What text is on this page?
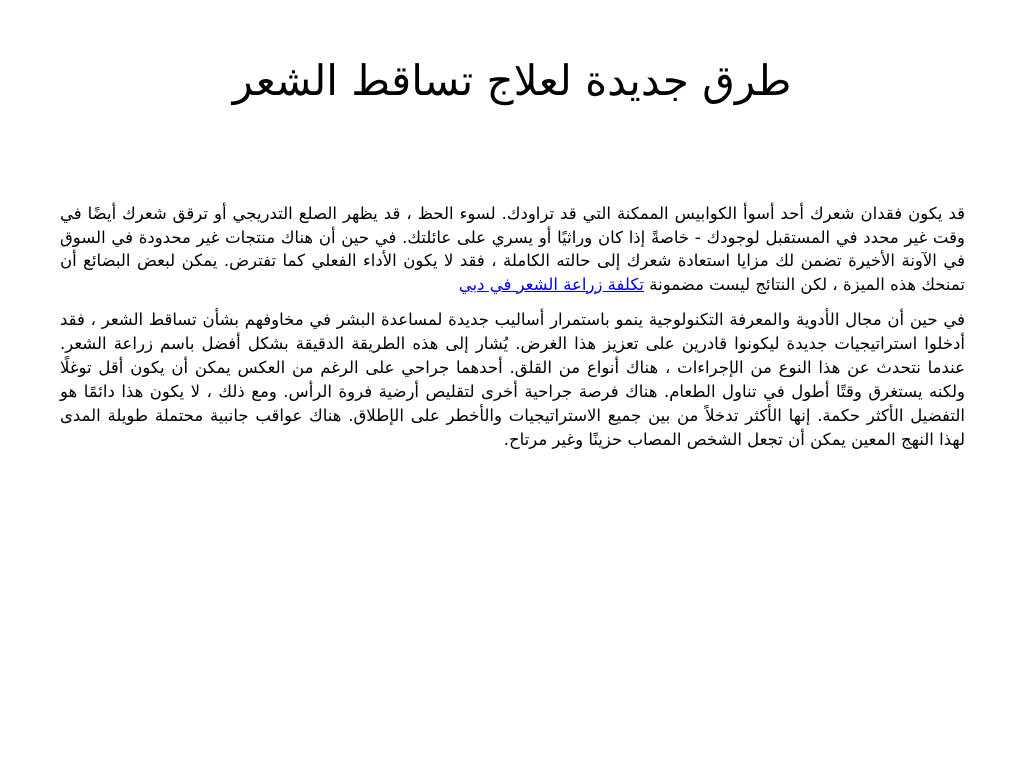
طرق جديدة لعلاج تساقط الشعر

قد يكون فقدان شعرك أحد أسوأ الكوابيس الممكنة التي قد تراودك. لسوء الحظ ، قد يظهر الصلع التدريجي أو ترقق شعرك أيضًا في وقت غير محدد في المستقبل لوجودك - خاصةً إذا كان وراثيًا أو يسري على عائلتك. في حين أن هناك منتجات غير محدودة في السوق في الآونة الأخيرة تضمن لك مزايا استعادة شعرك إلى حالته الكاملة ، فقد لا يكون الأداء الفعلي كما تفترض. يمكن لبعض البضائع أن تمنحك هذه الميزة ، لكن النتائج ليست مضمونة تكلفة زراعة الشعر في دبي

في حين أن مجال الأدوية والمعرفة التكنولوجية ينمو باستمرار أساليب جديدة لمساعدة البشر في مخاوفهم بشأن تساقط الشعر ، فقد أدخلوا استراتيجيات جديدة ليكونوا قادرين على تعزيز هذا الغرض. يُشار إلى هذه الطريقة الدقيقة بشكل أفضل باسم زراعة الشعر. عندما نتحدث عن هذا النوع من الإجراءات ، هناك أنواع من القلق. أحدهما جراحي على الرغم من العكس يمكن أن يكون أقل توغلًا ولكنه يستغرق وقتًا أطول في تناول الطعام. هناك فرصة جراحية أخرى لتقليص أرضية فروة الرأس. ومع ذلك ، لا يكون هذا دائمًا هو التفضيل الأكثر حكمة. إنها الأكثر تدخلاً من بين جميع الاستراتيجيات والأخطر على الإطلاق. هناك عواقب جانبية محتملة طويلة المدى لهذا النهج المعين يمكن أن تجعل الشخص المصاب حزينًا وغير مرتاح.
